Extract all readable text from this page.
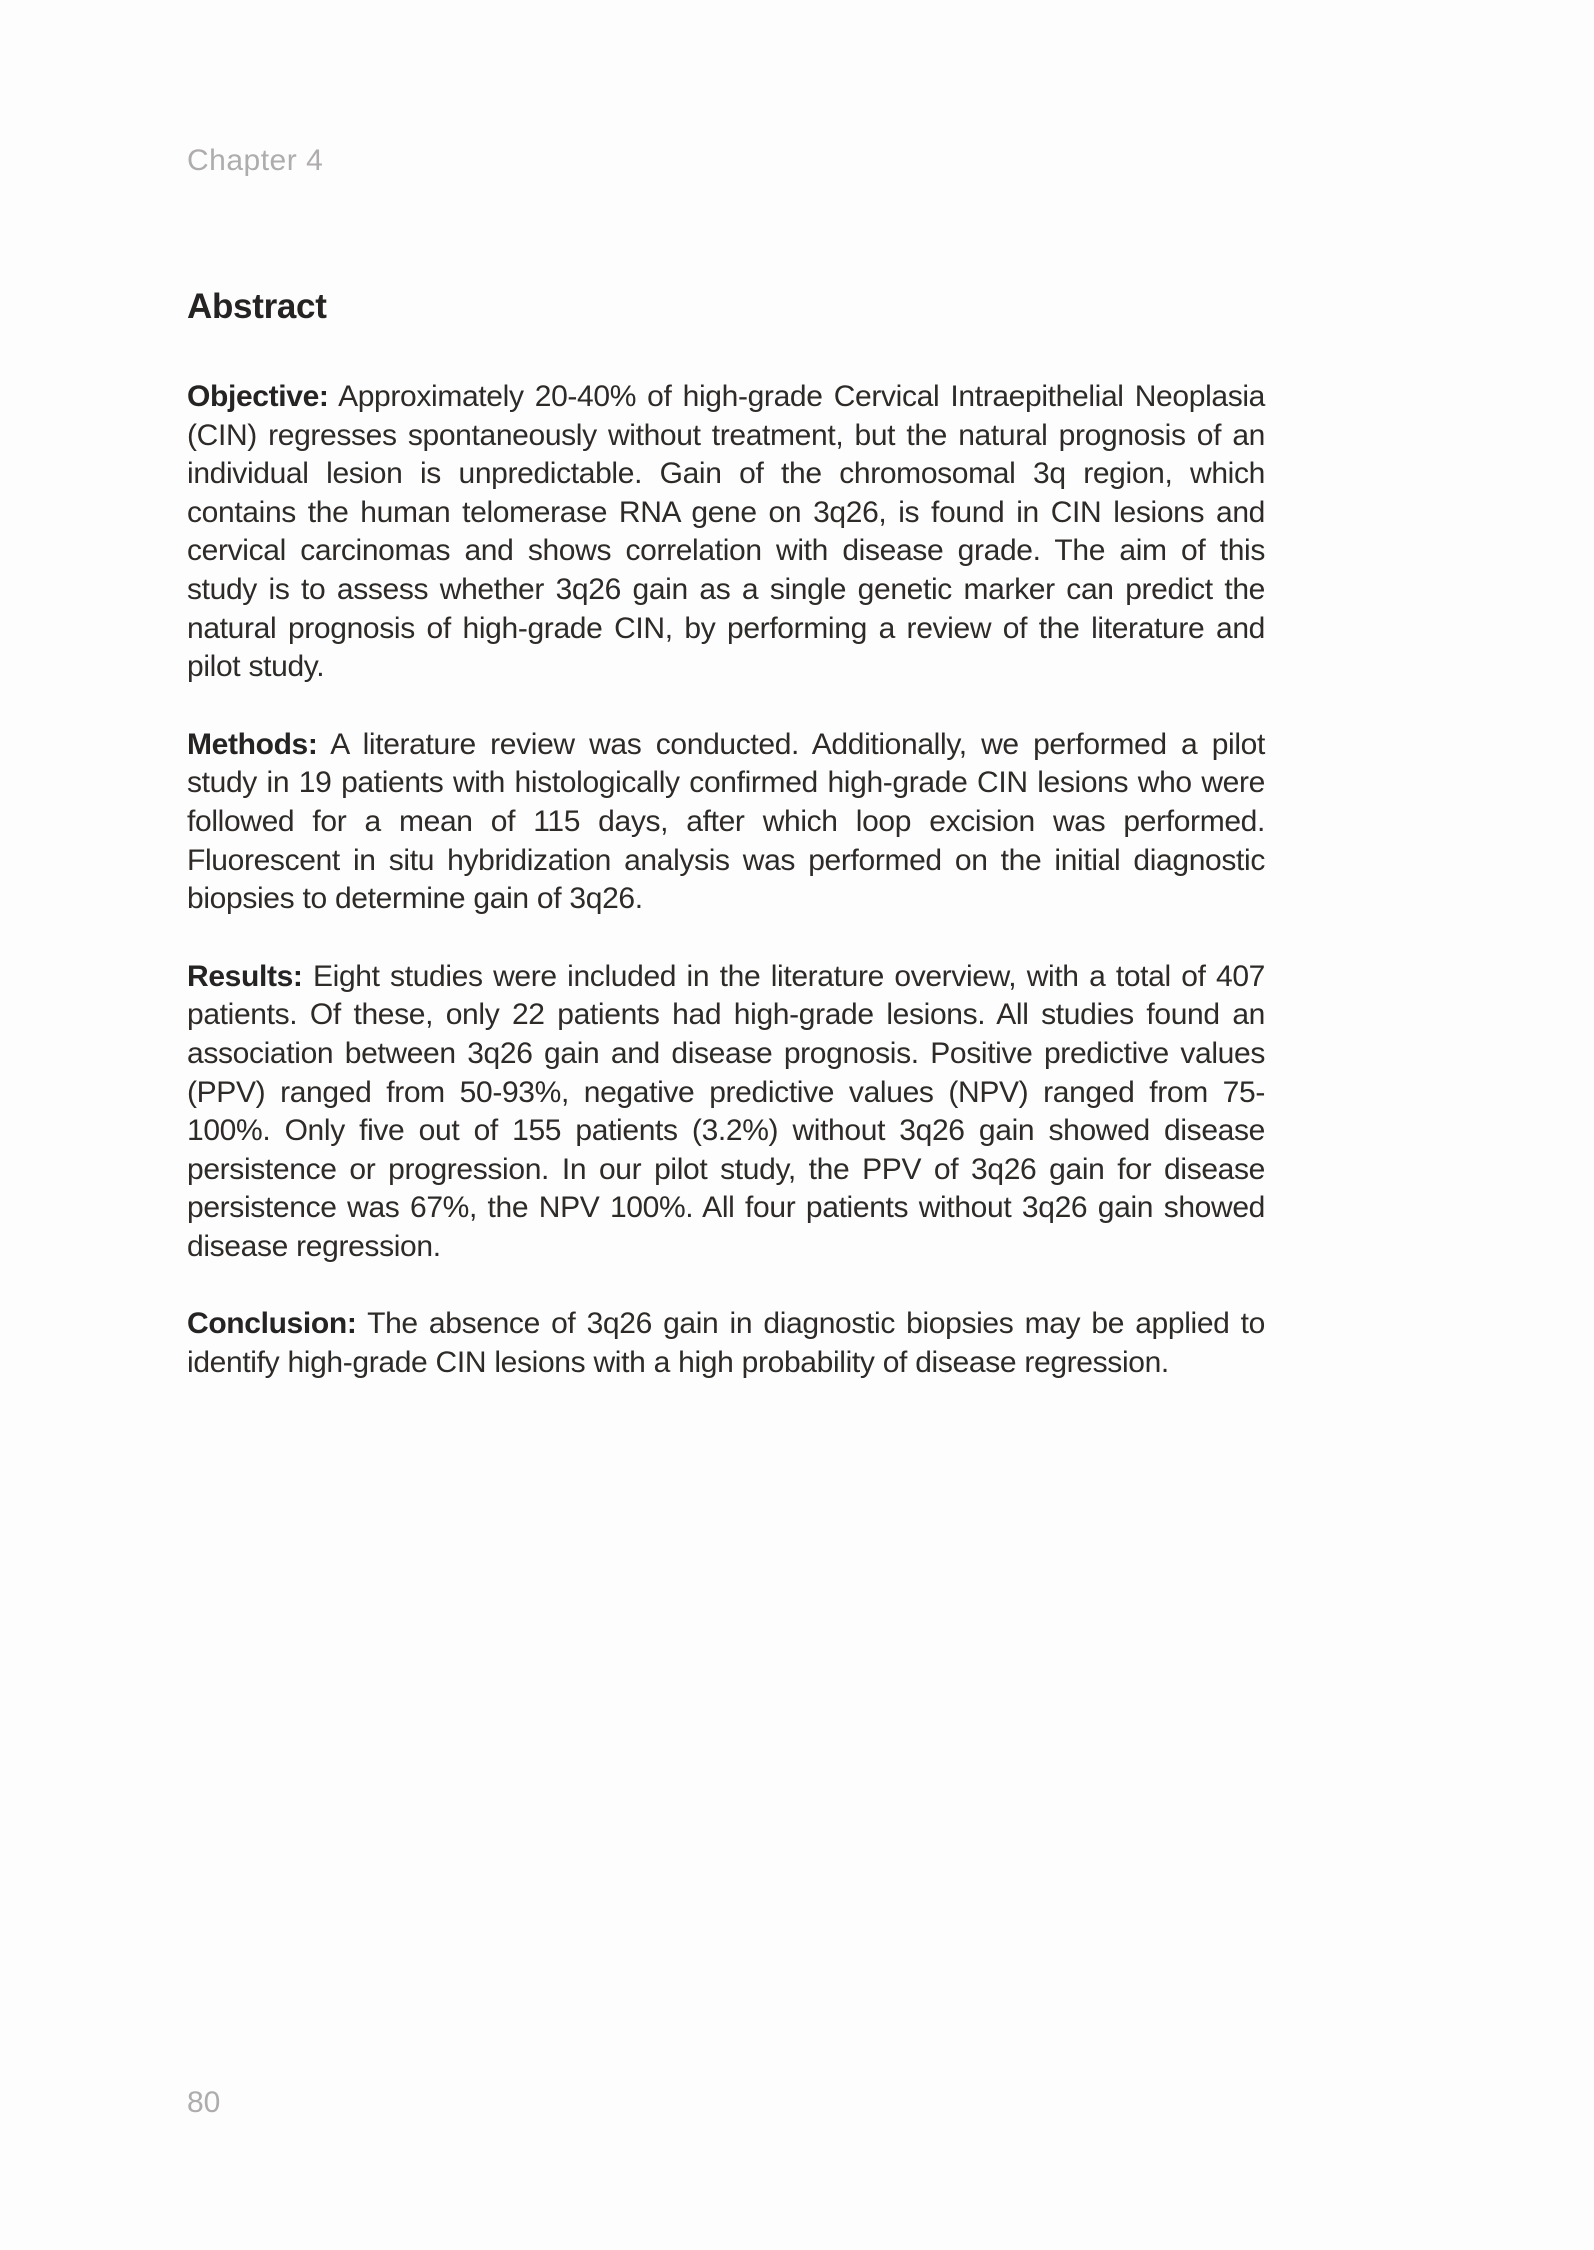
Chapter 4
Abstract

Objective: Approximately 20-40% of high-grade Cervical Intraepithelial Neoplasia (CIN) regresses spontaneously without treatment, but the natural prognosis of an individual lesion is unpredictable. Gain of the chromosomal 3q region, which contains the human telomerase RNA gene on 3q26, is found in CIN lesions and cervical carcinomas and shows correlation with disease grade. The aim of this study is to assess whether 3q26 gain as a single genetic marker can predict the natural prognosis of high-grade CIN, by performing a review of the literature and pilot study.

Methods: A literature review was conducted. Additionally, we performed a pilot study in 19 patients with histologically confirmed high-grade CIN lesions who were followed for a mean of 115 days, after which loop excision was performed. Fluorescent in situ hybridization analysis was performed on the initial diagnostic biopsies to determine gain of 3q26.

Results: Eight studies were included in the literature overview, with a total of 407 patients. Of these, only 22 patients had high-grade lesions. All studies found an association between 3q26 gain and disease prognosis. Positive predictive values (PPV) ranged from 50-93%, negative predictive values (NPV) ranged from 75-100%. Only five out of 155 patients (3.2%) without 3q26 gain showed disease persistence or progression. In our pilot study, the PPV of 3q26 gain for disease persistence was 67%, the NPV 100%. All four patients without 3q26 gain showed disease regression.

Conclusion: The absence of 3q26 gain in diagnostic biopsies may be applied to identify high-grade CIN lesions with a high probability of disease regression.

80
